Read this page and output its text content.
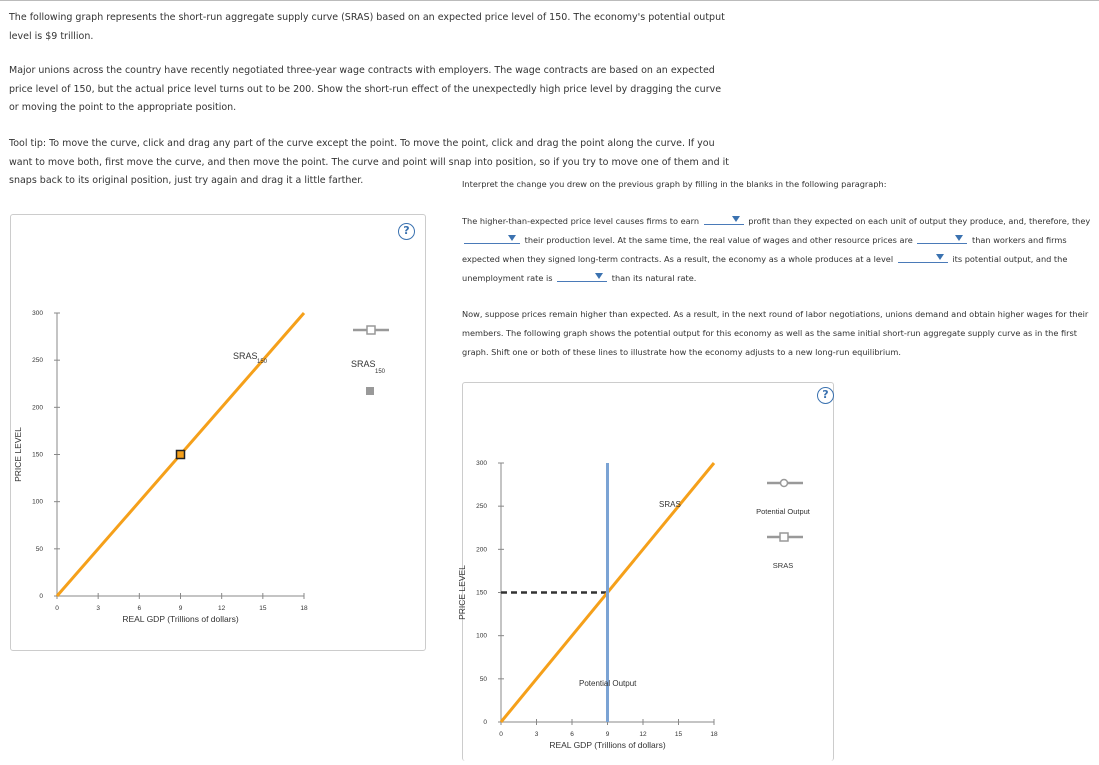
The following graph represents the short-run aggregate supply curve (SRAS) based on an expected price level of 150. The economy's potential output level is $9 trillion.
Major unions across the country have recently negotiated three-year wage contracts with employers. The wage contracts are based on an expected price level of 150, but the actual price level turns out to be 200. Show the short-run effect of the unexpectedly high price level by dragging the curve or moving the point to the appropriate position.
Tool tip: To move the curve, click and drag any part of the curve except the point. To move the point, click and drag the point along the curve. If you want to move both, first move the curve, and then move the point. The curve and point will snap into position, so if you try to move one of them and it snaps back to its original position, just try again and drag it a little farther.	Interpret the change you drew on the previous graph by filling in the blanks in the following paragraph:
The higher-than-expected price level causes firms to earn	profit than they expected on each unit of output they produce, and, therefore, they
their production level. At the same time, the real value of wages and other resource prices are	than workers and firms expected when they signed long-term contracts. As a result, the economy as a whole produces at a level	its potential output, and the unemployment rate is	than its natural rate.
Now, suppose prices remain higher than expected. As a result, in the next round of labor negotiations, unions demand and obtain higher wages for their members. The following graph shows the potential output for this economy as well as the same initial short-run aggregate supply curve as in the first graph. Shift one or both of these lines to illustrate how the economy adjusts to a new long-run equilibrium.
?
0	3	6	9	12	15	18
0
50
100
150
200
250
300
REAL GDP (Trillions of dollars)
PRICE LEVEL
SRAS
150	SRAS
150
?
0	3	6	9	12	15	18
0
50
100
150
200
250
300
REAL GDP (Trillions of dollars)
PRICE LEVEL
SRAS
Potential Output
Potential Output
SRAS
